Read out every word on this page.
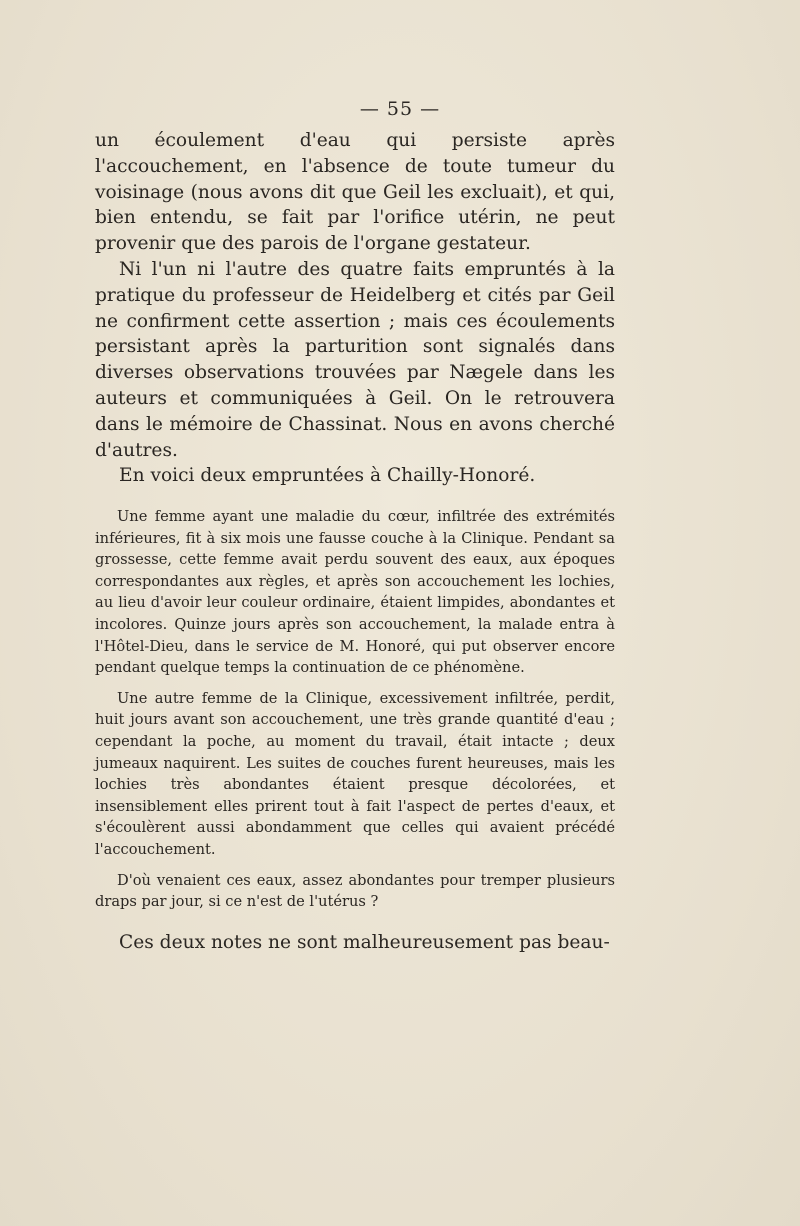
— 55 —

un écoulement d'eau qui persiste après l'accouchement, en l'absence de toute tumeur du voisinage (nous avons dit que Geil les excluait), et qui, bien entendu, se fait par l'orifice utérin, ne peut provenir que des parois de l'organe gestateur.

Ni l'un ni l'autre des quatre faits empruntés à la pratique du professeur de Heidelberg et cités par Geil ne confirment cette assertion ; mais ces écoulements persistant après la parturition sont signalés dans diverses observations trouvées par Nægele dans les auteurs et communiquées à Geil. On le retrouvera dans le mémoire de Chassinat. Nous en avons cherché d'autres.

En voici deux empruntées à Chailly-Honoré.

Une femme ayant une maladie du cœur, infiltrée des extrémités inférieures, fit à six mois une fausse couche à la Clinique. Pendant sa grossesse, cette femme avait perdu souvent des eaux, aux époques correspondantes aux règles, et après son accouchement les lochies, au lieu d'avoir leur couleur ordinaire, étaient limpides, abondantes et incolores. Quinze jours après son accouchement, la malade entra à l'Hôtel-Dieu, dans le service de M. Honoré, qui put observer encore pendant quelque temps la continuation de ce phénomène.

Une autre femme de la Clinique, excessivement infiltrée, perdit, huit jours avant son accouchement, une très grande quantité d'eau ; cependant la poche, au moment du travail, était intacte ; deux jumeaux naquirent. Les suites de couches furent heureuses, mais les lochies très abondantes étaient presque décolorées, et insensiblement elles prirent tout à fait l'aspect de pertes d'eaux, et s'écoulèrent aussi abondamment que celles qui avaient précédé l'accouchement.

D'où venaient ces eaux, assez abondantes pour tremper plusieurs draps par jour, si ce n'est de l'utérus ?

Ces deux notes ne sont malheureusement pas beau-
